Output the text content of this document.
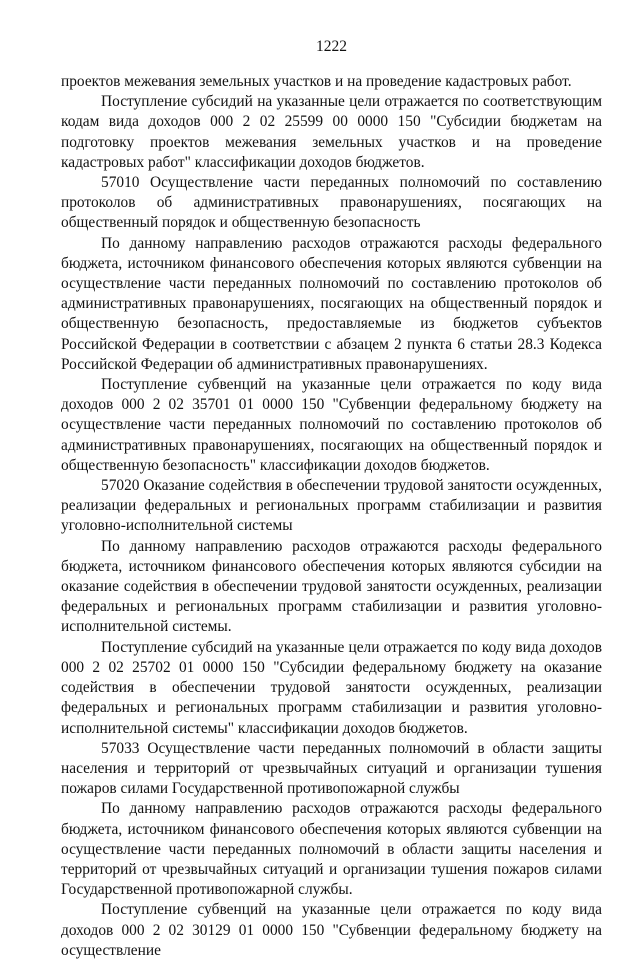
1222

проектов межевания земельных участков и на проведение кадастровых работ.

Поступление субсидий на указанные цели отражается по соответствующим кодам вида доходов 000 2 02 25599 00 0000 150 "Субсидии бюджетам на подготовку проектов межевания земельных участков и на проведение кадастровых работ" классификации доходов бюджетов.

57010 Осуществление части переданных полномочий по составлению протоколов об административных правонарушениях, посягающих на общественный порядок и общественную безопасность

По данному направлению расходов отражаются расходы федерального бюджета, источником финансового обеспечения которых являются субвенции на осуществление части переданных полномочий по составлению протоколов об административных правонарушениях, посягающих на общественный порядок и общественную безопасность, предоставляемые из бюджетов субъектов Российской Федерации в соответствии с абзацем 2 пункта 6 статьи 28.3 Кодекса Российской Федерации об административных правонарушениях.

Поступление субвенций на указанные цели отражается по коду вида доходов 000 2 02 35701 01 0000 150 "Субвенции федеральному бюджету на осуществление части переданных полномочий по составлению протоколов об административных правонарушениях, посягающих на общественный порядок и общественную безопасность" классификации доходов бюджетов.

57020 Оказание содействия в обеспечении трудовой занятости осужденных, реализации федеральных и региональных программ стабилизации и развития уголовно-исполнительной системы

По данному направлению расходов отражаются расходы федерального бюджета, источником финансового обеспечения которых являются субсидии на оказание содействия в обеспечении трудовой занятости осужденных, реализации федеральных и региональных программ стабилизации и развития уголовно-исполнительной системы.

Поступление субсидий на указанные цели отражается по коду вида доходов 000 2 02 25702 01 0000 150 "Субсидии федеральному бюджету на оказание содействия в обеспечении трудовой занятости осужденных, реализации федеральных и региональных программ стабилизации и развития уголовно-исполнительной системы" классификации доходов бюджетов.

57033 Осуществление части переданных полномочий в области защиты населения и территорий от чрезвычайных ситуаций и организации тушения пожаров силами Государственной противопожарной службы

По данному направлению расходов отражаются расходы федерального бюджета, источником финансового обеспечения которых являются субвенции на осуществление части переданных полномочий в области защиты населения и территорий от чрезвычайных ситуаций и организации тушения пожаров силами Государственной противопожарной службы.

Поступление субвенций на указанные цели отражается по коду вида доходов 000 2 02 30129 01 0000 150 "Субвенции федеральному бюджету на осуществление
